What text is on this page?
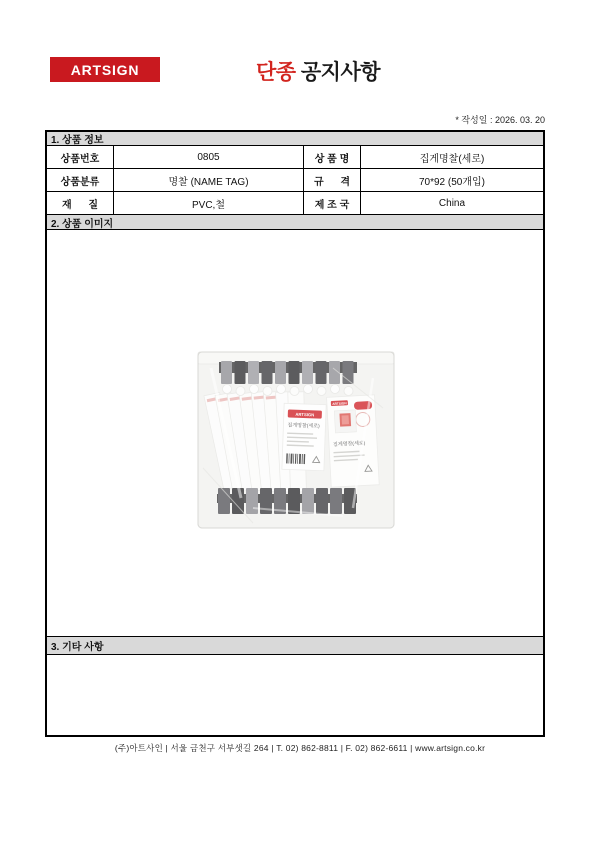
ARTSIGN	단종 공지사항
* 작성일 : 2026. 03. 20
1. 상품 정보
상품번호	0805	상 품 명	집게명찰(세로)
상품분류	명찰 (NAME TAG)	규      격	70*92 (50개입)
재      질	PVC,철	제 조 국	China
2. 상품 이미지
ARTSIGN
집게명찰(세로)
ARTSIGN
집게명찰(세로)
3. 기타 사항
(주)아트사인 | 서울 금천구 서부샛길 264 | T. 02) 862-8811 | F. 02) 862-6611 | www.artsign.co.kr
